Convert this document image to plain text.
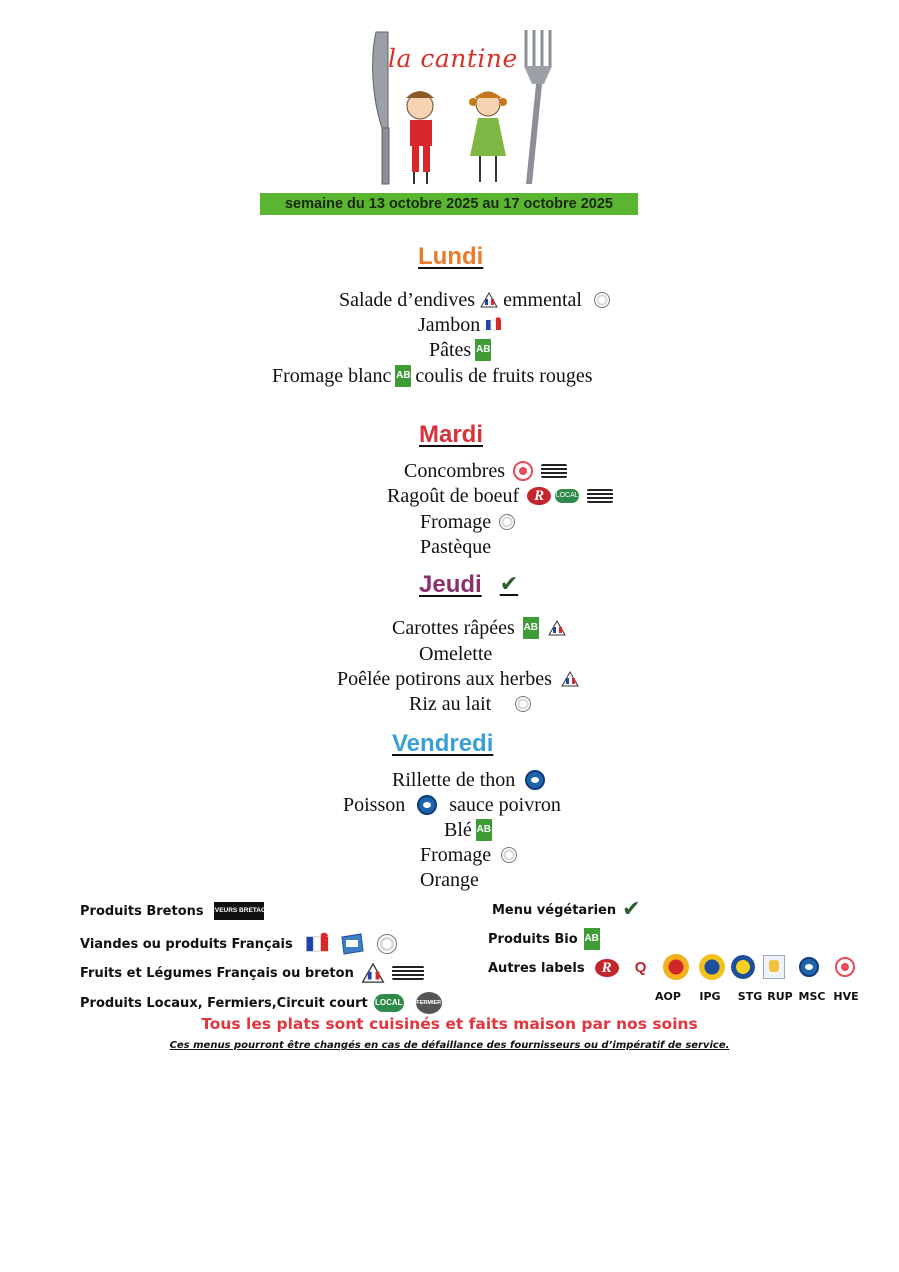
la cantine
semaine du 13 octobre 2025 au 17 octobre 2025
Lundi
Salade d’endives emmental
Jambon
Pâtes AB
Fromage blanc AB coulis de fruits rouges
Mardi
Concombres
Ragoût de boeuf R	LOCAL
Fromage
Pastèque
Jeudi ✔
Carottes râpées AB
Omelette
Poêlée potirons aux herbes
Riz au lait
Vendredi
Rillette de thon
Poisson sauce poivron
Blé AB
Fromage
Orange
Produits Bretons
ÉLEVEURS BRETAGNE
Viandes ou produits Français
Fruits et Légumes Français ou breton
Produits Locaux, Fermiers,Circuit court LOCAL	FERMIER
Menu végétarien ✔
Produits Bio AB
Autres labels	R	Q
AOP	IPG	STG RUP MSC HVE
Tous les plats sont cuisinés et faits maison par nos soins
Ces menus pourront être changés en cas de défaillance des fournisseurs ou d’impératif de service.
